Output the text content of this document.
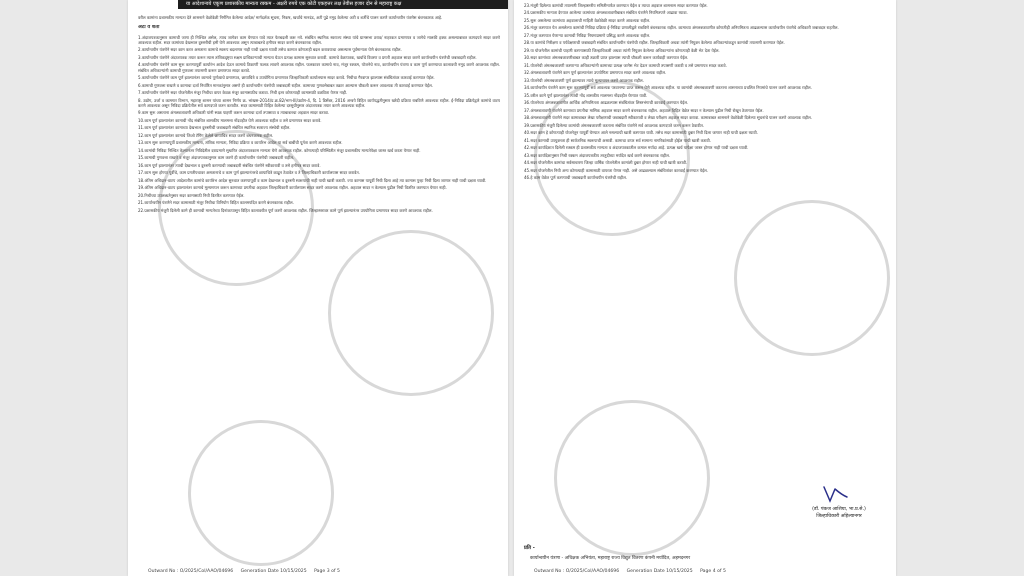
या आदेशान्वये एकूण प्रशासकीय मान्यता रक्कम - अक्षरी रुपये एक कोटी एकहत्तर लक्ष तेवीस हजार दोन से महाराष्ट्र कक्ष

वरील कामांना प्रशासकीय मान्यता देते शासनाने वेळोवेळी निर्गमित केलेल्या आदेश/ मार्गदर्शक सूचना, निकष, खर्चाचे मानदंड, अटी पुढे नमूद केलेल्या अटी व शर्तीचे पालन करणे कार्यान्वयीन यंत्रणेस बंधनकारक आहे.

अटी व शर्ती

1.अंदाजपत्रकानुसार कामाची जागा ही निश्चित असेल, त्याच जागेवर काम घेण्यात यावे त्यात फेरबदली करू नये. संबंधित स्थानिक स्वराज्य संस्था यांचे ग्रामसभा ठराव/ नाहरकत प्रमाणपत्र व जागेचे मालकी हक्क असल्याबाबत कागदपत्रे सादर करणे आवश्यक राहील. सदर कामांच्या देखभाल दुरुस्तीची हमी घेणे आवश्यक असून त्याबाबतचे हमीपत्र सादर करणे बंधनकारक राहील.

2.कार्यान्वयीन यंत्रणेने सदर काम करत असताना कामाचे स्वरूप बदलणार नाही याची दक्षता घ्यावी तसेच कामात कोणताही बदल करावयाचा असल्यास पूर्वमान्यता घेणे बंधनकारक राहील.

3.कार्यान्वयीन यंत्रणेने अंदाजपत्रक तयार करून त्यास तांत्रिकदृष्ट्या सक्षम प्राधिकाऱ्याची मान्यता घेऊन प्रत्यक्ष कामास सुरुवात करावी. कामाचे वेळापत्रक, खर्चाचे विवरण व प्रगती अहवाल सादर करणे कार्यान्वयीन यंत्रणेची जबाबदारी राहील.

4.कार्यान्वयीन यंत्रणेने काम सुरू करण्यापूर्वी कार्यारंभ आदेश देऊन कामाचे ठिकाणी फलक लावणे आवश्यक राहील. फलकावर कामाचे नाव, मंजूर रक्कम, योजनेचे नाव, कार्यान्वयीन यंत्रणा व काम पूर्ण करण्याचा कालावधी नमूद करणे आवश्यक राहील. संबंधित अधिकाऱ्यांनी कामाची गुणवत्ता तपासणी करून प्रमाणपत्र सादर करावे.

5.कार्यान्वयीन यंत्रणेने काम पूर्ण झाल्यानंतर कामाचे पूर्णत्वाचे प्रमाणपत्र, छायाचित्रे व उपयोगिता प्रमाणपत्र जिल्हाधिकारी कार्यालयास सादर करावे. निधीचा गैरवापर झाल्यास संबंधितांवर कारवाई करण्यात येईल.

6.कामाची गुणवत्ता राखणे व कामाचा दर्जा निर्धारित मानकांनुसार असणे ही कार्यान्वयीन यंत्रणेची जबाबदारी राहील. कामाच्या गुणवत्तेबाबत तक्रार आल्यास चौकशी करून आवश्यक ती कारवाई करण्यात येईल.

7.कार्यान्वयीन यंत्रणेने सदर योजनेतील मंजूर निधीचा वापर केवळ मंजूर कामासाठीच करावा. निधी इतर कोणत्याही कामासाठी वळविता येणार नाही.

8. उद्योग, उर्जा व कामगार विभाग, महाराष्ट्र शासन यांच्या शासन निर्णय क्र. भांखस-2014/प्र.क्र.82/भाग-III/उद्योग-4, दि. 1 डिसेंबर, 2016 अन्वये विहित कार्यपद्धतीनुसार खरेदी प्रक्रिया राबविणे आवश्यक राहील. ई-निविदा प्रक्रियेद्वारे कामांचे वाटप करणे आवश्यक असून निविदा प्रक्रियेतील सर्व कागदपत्रे जतन करावीत. सदर कामासाठी विहित केलेल्या दरसूचीनुसार अंदाजपत्रक तयार करणे आवश्यक राहील.

9.काम सुरू असताना अंमलबजावणी अधिकारी यांनी स्थळ पाहणी करून कामाचा दर्जा तपासावा व त्याबाबतचा अहवाल सादर करावा.

10.काम पूर्ण झाल्यानंतर कामाची नोंद संबंधित शासकीय मालमत्ता नोंदवहीत घेणे आवश्यक राहील व तसे प्रमाणपत्र सादर करावे.

11.काम पूर्ण झाल्यानंतर कामाच्या देखभाल दुरुस्तीची जबाबदारी संबंधित स्थानिक स्वराज्य संस्थेची राहील.

12.काम पूर्ण झाल्यानंतर कामाचे जिओ टॅगिंग केलेले छायाचित्र सादर करणे बंधनकारक राहील.

13.काम सुरू करण्यापूर्वी प्रशासकीय मान्यता, तांत्रिक मान्यता, निविदा प्रक्रिया व कार्यारंभ आदेश या सर्व बाबींची पूर्तता करणे आवश्यक राहील.

14.कामांची निविदा निश्चित केल्यानंतर निविदेतील दराप्रमाणे सुधारित अंदाजपत्रकास मान्यता घेणे आवश्यक राहील. कोणत्याही परिस्थितीत मंजूर प्रशासकीय मान्यतेपेक्षा जास्त खर्च करता येणार नाही.

15.कामाची गुणवत्ता राखणे व मंजूर अंदाजपत्रकानुसार काम करणे ही कार्यान्वयीन यंत्रणेची जबाबदारी राहील.

16.काम पूर्ण झाल्यानंतर त्याची देखभाल व दुरुस्ती करण्याची जबाबदारी संबंधित यंत्रणेने स्वीकारावी व तसे हमीपत्र सादर करावे.

17.काम सुरू होण्या पूर्वीचे, काम प्रगतीपथावर असतानाचे व काम पूर्ण झाल्यानंतरचे छायाचित्रे काढून ठेवावेत व ते जिल्हाधिकारी कार्यालयास सादर करावेत.

18.अंतिम अधिदान-वाटप आदेशातील कामांचे कार्यारंभ आदेश सुरुवात करण्यापूर्वी व काम देखभाल व दुरुस्ती स्वरूपाची नाही याची खात्री करावी. ज्या कामास यापूर्वी निधी दिला आहे त्या कामास पुन्हा निधी दिला जाणार नाही याची दक्षता घ्यावी.

19.अंतिम अधिदान-वाटप झाल्यानंतर कामाचे मूल्यमापन करून कामाच्या प्रगतीचा अहवाल जिल्हाधिकारी कार्यालयास सादर करणे आवश्यक राहील. अहवाल सादर न केल्यास पुढील निधी वितरित करण्यात येणार नाही.

20.निधीच्या उपलब्धतेनुसार सदर कामासाठी निधी वितरित करण्यात येईल.

21.कार्यान्वयीन यंत्रणेने सदर कामासाठी मंजूर निधीचा विनियोग विहित कालमर्यादेत करणे बंधनकारक राहील.

22.प्रशासकीय मंजुरी दिलेली कामे ही कामाची मान्यतेच्या दिनांकापासून विहित कालावधीत पूर्ण करणे आवश्यक राहील. जिल्हास्तरावर कामे पूर्ण झाल्यानंतर उपयोगिता प्रमाणपत्र सादर करणे आवश्यक राहील.

Outward No : O/2025/Col/AAO/04696 Generation Date 10/15/2025 Page 3 of 5

23.मंजुरी दिलेल्या कामांची तपासणी जिल्हास्तरीय समितीमार्फत करण्यात येईल व त्याचा अहवाल शासनास सादर करण्यात येईल.

24.प्रशासकीय मान्यता देण्यात आलेल्या कामांच्या अंमलबजावणीबाबत संबंधित यंत्रणेने नियमितपणे आढावा घ्यावा.

25.सुरू असलेल्या कामांच्या अहवालाची माहिती वेळोवेळी सादर करणे आवश्यक राहील.

26.मंजूर करण्यात येत असलेल्या कामांची निविदा प्रक्रिया ई-निविदा प्रणालीद्वारे राबविणे बंधनकारक राहील. कामाच्या अंमलबजावणीत कोणतीही अनियमितता आढळल्यास कार्यान्वयीन यंत्रणेचे अधिकारी जबाबदार राहतील.

27.मंजूर करण्यात येणाऱ्या कामाची निविदा नियमाप्रमाणे प्रसिद्ध करणे आवश्यक राहील.

28.या कामांचे निरीक्षण व पर्यवेक्षणाची जबाबदारी संबंधित कार्यान्वयीन यंत्रणेची राहील. जिल्हाधिकारी अथवा त्यांनी नियुक्त केलेल्या अधिकाऱ्यांकडून कामांची तपासणी करण्यात येईल.

29.या योजनेतील कामांची पाहणी करण्यासाठी जिल्हाधिकारी अथवा त्यांनी नियुक्त केलेल्या अधिकाऱ्यांना कोणत्याही वेळी भेट देता येईल.

30.सदर कामांच्या अंमलबजावणीबाबत काही तक्रारी प्राप्त झाल्यास त्याची चौकशी करून कार्यवाही करण्यात येईल.

31.योजनेची अंमलबजावणी करणाऱ्या अधिकाऱ्यांनी कामाच्या प्रत्यक्ष जागेस भेट देऊन कामाची तपासणी करावी व तसे प्रमाणपत्र सादर करावे.

32.अंमलबजावणी यंत्रणेने काम पूर्ण झाल्यानंतर उपयोगिता प्रमाणपत्र सादर करणे आवश्यक राहील.

33.योजनेची अंमलबजावणी पूर्ण झाल्यावर त्याचे मूल्यमापन करणे आवश्यक राहील.

34.कार्यान्वयीन यंत्रणेने काम सुरू करण्यापूर्वी सर्व आवश्यक परवानग्या प्राप्त करून घेणे आवश्यक राहील. या कामांची अंमलबजावणी करताना शासनाच्या प्रचलित नियमांचे पालन करणे आवश्यक राहील.

35.वरील कामे पूर्ण झाल्यानंतर त्यांची नोंद शासकीय मालमत्ता नोंदवहीत घेण्यात यावी.

36.योजनेच्या अंमलबजावणीत आर्थिक अनियमितता आढळल्यास संबंधितांवर शिस्तभंगाची कारवाई करण्यात येईल.

37.अंमलबजावणी यंत्रणेने कामाच्या प्रगतीचा मासिक अहवाल सादर करणे बंधनकारक राहील. अहवाल विहित वेळेत सादर न केल्यास पुढील निधी रोखून ठेवण्यात येईल.

38.अंमलबजावणी यंत्रणेने सदर कामाबाबत लेखा परीक्षणाची जबाबदारी स्वीकारावी व लेखा परीक्षण अहवाल सादर करावा. कामाबाबत शासनाने वेळोवेळी दिलेल्या सूचनांचे पालन करणे आवश्यक राहील.

39.प्रशासकीय मंजुरी दिलेल्या कामांची अंमलबजावणी करताना संबंधित यंत्रणेने सर्व आवश्यक कागदपत्रे जतन करून ठेवावीत.

40.सदर काम हे कोणत्याही योजनेतून यापूर्वी घेण्यात आले नसल्याची खात्री करण्यात यावी. तसेच सदर कामासाठी दुबार निधी दिला जाणार नाही याची दक्षता घ्यावी.

41.सदर कामाची उपयुक्तता ही सार्वजनिक स्वरूपाची असावी. कामाचा वापर सर्व सामान्य नागरिकांसाठी होईल याची खात्री करावी.

42.सदर कार्यादेशात दिलेली रक्कम ही प्रशासकीय मान्यता व अंदाजपत्रकातील कमाल मर्यादा आहे. प्रत्यक्ष खर्च यापेक्षा जास्त होणार नाही याची दक्षता घ्यावी.

43.सदर कार्यादेशानुसार निधी रक्कम अंदाजपत्रकीय तरतुदीच्या मर्यादेत खर्च करणे बंधनकारक राहील.

44.सदर योजनेतील कामांचा सर्वसाधारण जिल्हा वार्षिक योजनेतील कामांशी दुबार होणार नाही याची खात्री करावी.

45.सदर योजनेतील निधी अन्य कोणत्याही कामासाठी वापरता येणार नाही. असे आढळल्यास संबंधितांवर कारवाई करण्यात येईल.

46.हे काम वेळेत पूर्ण करण्याची जबाबदारी कार्यान्वयीन यंत्रणेची राहील.

(डॉ. पंकज आशिया, भा.प्र.से.)
जिल्हाधिकारी अहिल्यानगर
प्रति -
कार्यान्वयीन यंत्रणा - अधिक्षक अभियंता, महाराष्ट्र राज्य विद्युत वितरण कंपनी मर्यादित, अहमदनगर
Outward No : O/2025/Col/AAO/04696 Generation Date 10/15/2025 Page 4 of 5
